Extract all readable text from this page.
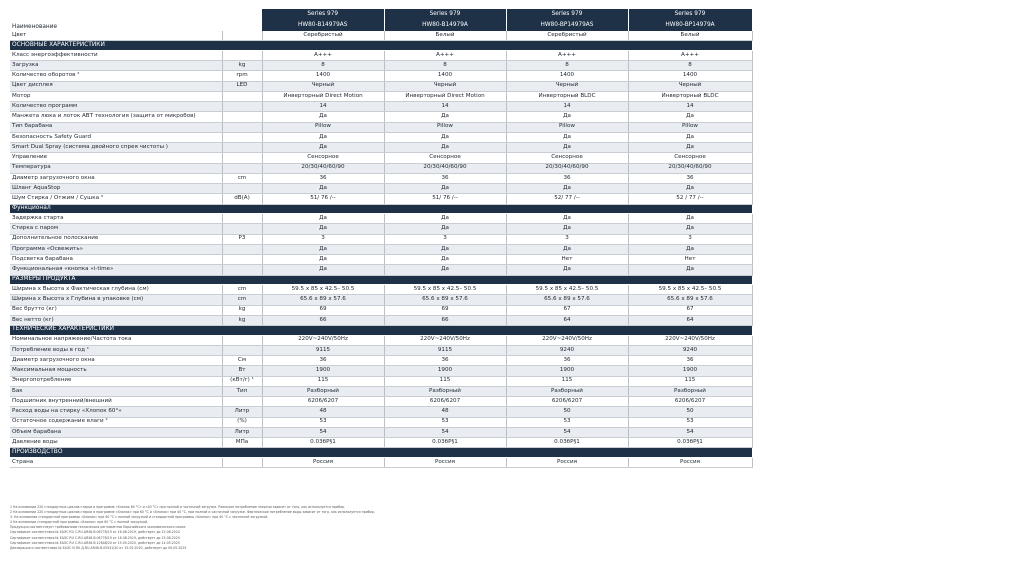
		Series 979	Series 979	Series 979	Series 979
Наименование		HW80-B14979AS	HW80-B14979A	HW80-BP14979AS	HW80-BP14979A
Цвет		Серебристый	Белый	Серебристый	Белый
ОСНОВНЫЕ ХАРАКТЕРИСТИКИ					
Класс энергоэффективности		A+++	A+++	A+++	A+++
Загрузка	kg	8	8	8	8
Количество оборотов ²	rpm	1400	1400	1400	1400
Цвет дисплея	LED	Черный	Черный	Черный	Черный
Мотор		Инверторный Direct Motion	Инверторный Direct Motion	Инверторный BLDC	Инверторный BLDC
Количество программ		14	14	14	14
Манжета люка и лоток ABT технология (защита от микробов)		Да	Да	Да	Да
Тип барабана		Pillow	Pillow	Pillow	Pillow
Безопасность Safety Guard		Да	Да	Да	Да
Smart Dual Spray (система двойного спрея чистоты )		Да	Да	Да	Да
Управление		Сенсорное	Сенсорное	Сенсорное	Сенсорное
Температура		20/30/40/60/90	20/30/40/60/90	20/30/40/60/90	20/30/40/60/90
Диаметр загрузочного окна	cm	36	36	36	36
Шланг AquaStop		Да	Да	Да	Да
Шум Стирка / Отжим / Сушка ³	dB(A)	51/ 76 /--	51/ 76 /--	52/ 77 /--	52 / 77 /--
Функционал					
Задержка старта		Да	Да	Да	Да
Стирка с паром		Да	Да	Да	Да
Дополнительное полоскание	P3	3	3	3	3
Программа «Освежить»		Да	Да	Да	Да
Подсветка барабана		Да	Да	Нет	Нет
Функциональная «кнопка «i-time»		Да	Да	Да	Да
РАЗМЕРЫ ПРОДУКТА					
Ширина x Высота x Фактическая глубина (см)	cm	59.5 x 85 x 42.5– 50.5	59.5 x 85 x 42.5– 50.5	59.5 x 85 x 42.5– 50.5	59.5 x 85 x 42.5– 50.5
Ширина x Высота x Глубина в упаковке (см)	cm	65.6 x 89 x 57.6	65.6 x 89 x 57.6	65.6 x 89 x 57.6	65.6 x 89 x 57.6
Вес брутто (кг)	kg	69	69	67	67
Вес нетто (кг)	kg	66	66	64	64
ТЕХНИЧЕСКИЕ ХАРАКТЕРИСТИКИ					
Номинальное напряжение/Частота тока		220V~240V/50Hz	220V~240V/50Hz	220V~240V/50Hz	220V~240V/50Hz
Потребление воды в год ¹		9115	9115	9240	9240
Диаметр загрузочного окна	См	36	36	36	36
Максимальная мощность	Вт	1900	1900	1900	1900
Энергопотребление	(кВт/г) ¹	115	115	115	115
Бак	Тип	Разборный	Разборный	Разборный	Разборный
Подшипник внутренний/внешний		6206/6207	6206/6207	6206/6207	6206/6207
Расход воды на стирку «Хлопок 60°»	Литр	48	48	50	50
Остаточное содержание влаги ²	(%)	53	53	53	53
Объем барабана	Литр	54	54	54	54
Давление воды	МПа	0.03бР§1	0.03бР§1	0.03бР§1	0.03бР§1
ПРОИЗВОДСТВО					
Страна		Россия	Россия	Россия	Россия
1 На основании 220 стандартных циклов стирки в программе «Хлопок 60 °С» и «40 °С» при полной и частичной загрузке. Реальное потребление энергии зависит от того, как используется прибор.
2 На основании 220 стандартных циклов стирки в программе «Хлопок» при 60 °С и «Хлопок» при 40 °С, при полной и частичной загрузке. Фактическое потребление воды зависит от того, как используется прибор.
3. На основании стандартной программы «Хлопок» при 60 °С с полной загрузкой и стандартной программы «Хлопок» при 40 °С с частичной загрузкой.
4 На основании стандартной программы «Хлопок» при 60 °С с полной загрузкой.
Продукция соответствует требованиям технических регламентов Евразийского экономического союза
Сертификат соответствия № ЕАЭС RU С-RU.АЯ46.В.06778/19 от 16.08.2019, действует до 15.08.2024
Сертификат соответствия № ЕАЭС RU С-RU.АЯ46.В.06778/19 от 16.08.2019, действует до 15.08.2024
Сертификат соответствия № ЕАЭС RU С-RU.АЯ46.В.12648/20 от 15.05.2020, действует до 14.05.2025
Декларация о соответствии № ЕАЭС N RU Д-RU.АЯ46.В.05541/20 от 15.05.2020, действует до 09.05.2025
